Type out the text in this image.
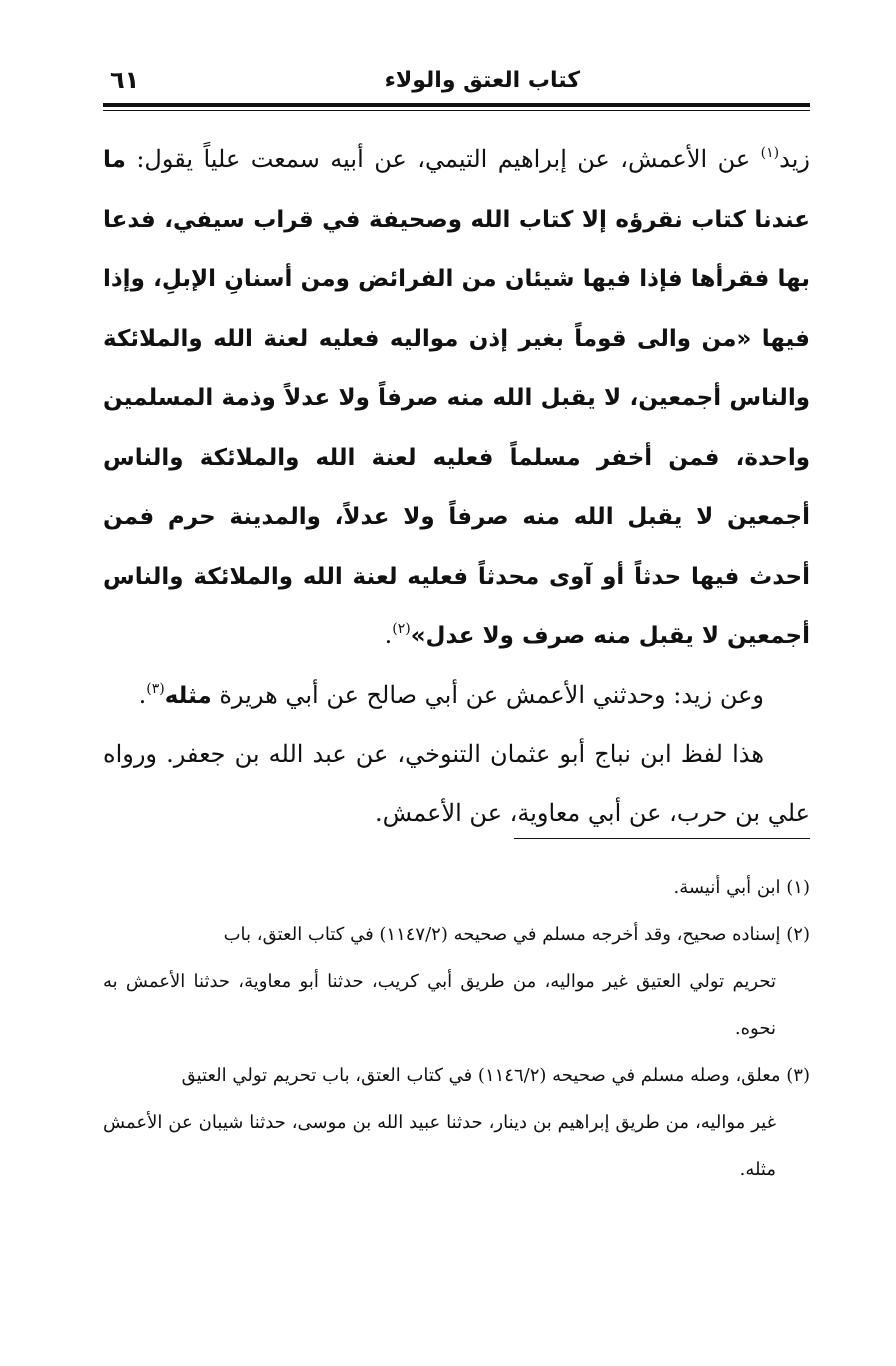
كتاب العتق والولاء
٦١

زيد$^{(١)}$ عن الأعمش، عن إبراهيم التيمي، عن أبيه سمعت علياً يقول: ما عندنا كتاب نقرؤه إلا كتاب الله وصحيفة في قراب سيفي، فدعا بها فقرأها فإذا فيها شيئان من الفرائض ومن أسنانِ الإبلِ، وإذا فيها «من والى قوماً بغير إذن مواليه فعليه لعنة الله والملائكة والناس أجمعين، لا يقبل الله منه صرفاً ولا عدلاً وذمة المسلمين واحدة، فمن أخفر مسلماً فعليه لعنة الله والملائكة والناس أجمعين لا يقبل الله منه صرفاً ولا عدلاً، والمدينة حرم فمن أحدث فيها حدثاً أو آوى محدثاً فعليه لعنة الله والملائكة والناس أجمعين لا يقبل منه صرف ولا عدل»$^{(٢)}$.

وعن زيد: وحدثني الأعمش عن أبي صالح عن أبي هريرة مثله$^{(٣)}$.

هذا لفظ ابن نباج أبو عثمان التنوخي، عن عبد الله بن جعفر. ورواه علي بن حرب، عن أبي معاوية، عن الأعمش.

(١) ابن أبي أنيسة.

(٢) إسناده صحيح، وقد أخرجه مسلم في صحيحه (١١٤٧/٢) في كتاب العتق، باب

تحريم تولي العتيق غير مواليه، من طريق أبي كريب، حدثنا أبو معاوية، حدثنا الأعمش به نحوه.

(٣) معلق، وصله مسلم في صحيحه (١١٤٦/٢) في كتاب العتق، باب تحريم تولي العتيق

غير مواليه، من طريق إبراهيم بن دينار، حدثنا عبيد الله بن موسى، حدثنا شيبان عن الأعمش مثله.
